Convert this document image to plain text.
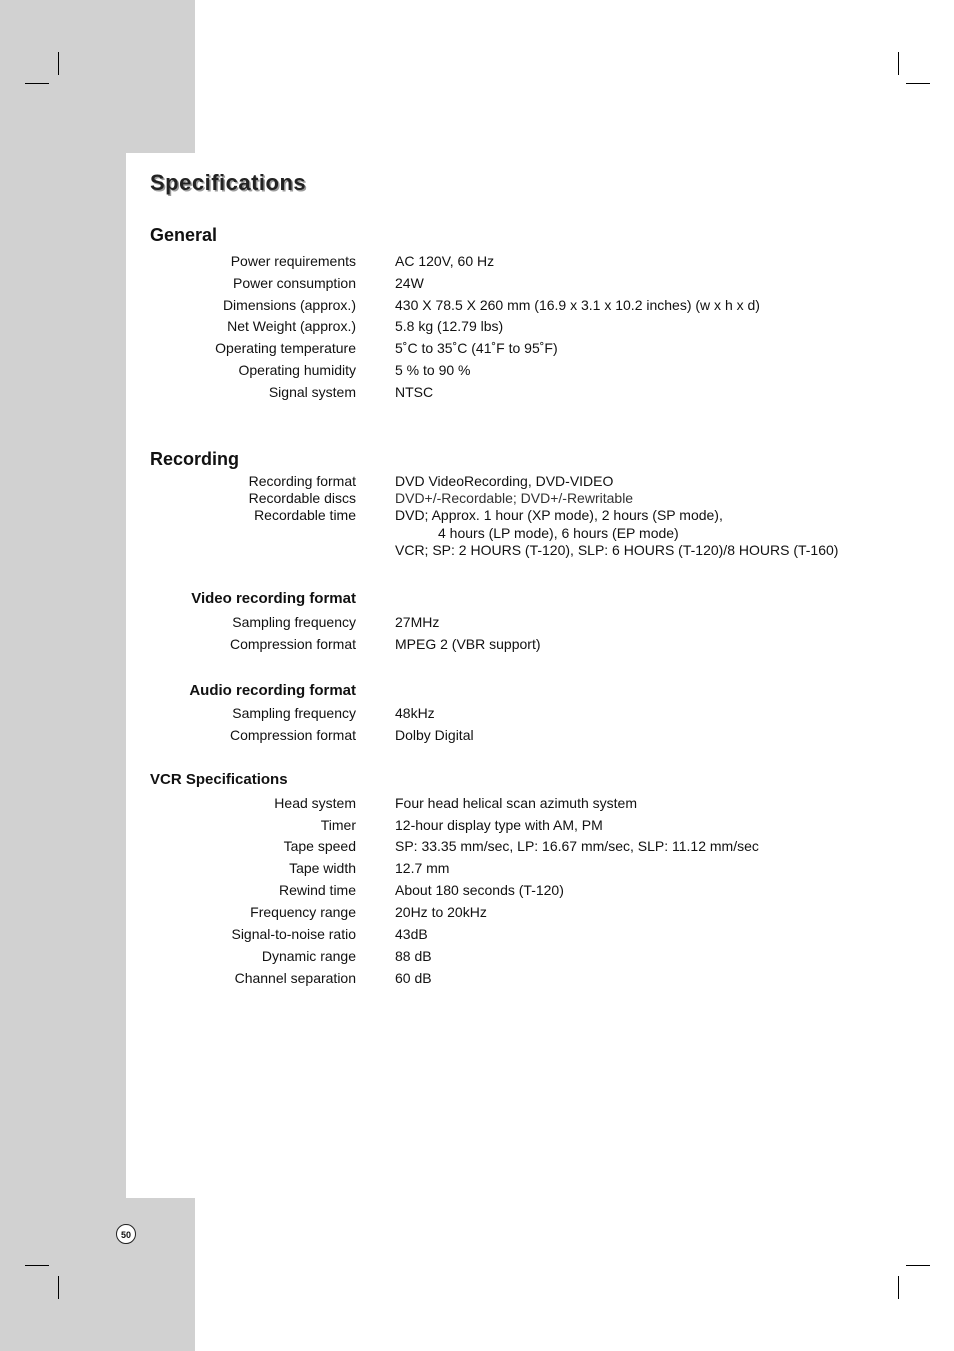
Specifications
General
Power requirements	AC 120V, 60 Hz
Power consumption	24W
Dimensions (approx.)	430 X 78.5 X 260 mm (16.9 x 3.1 x 10.2 inches) (w x h x d)
Net Weight (approx.)	5.8 kg (12.79 lbs)
Operating temperature	5˚C to 35˚C (41˚F to 95˚F)
Operating humidity	5 % to 90 %
Signal system	NTSC
Recording
Recording format	DVD VideoRecording, DVD-VIDEO
Recordable discs	DVD+/-Recordable; DVD+/-Rewritable
Recordable time	DVD; Approx. 1 hour (XP mode), 2 hours (SP mode),
4 hours (LP mode), 6 hours (EP mode)
VCR; SP: 2 HOURS (T-120), SLP: 6 HOURS (T-120)/8 HOURS (T-160)
Video recording format
Sampling frequency	27MHz
Compression format	MPEG 2 (VBR support)
Audio recording format
Sampling frequency	48kHz
Compression format	Dolby Digital
VCR Specifications
Head system	Four head helical scan azimuth system
Timer	12-hour display type with AM, PM
Tape speed	SP: 33.35 mm/sec, LP: 16.67 mm/sec, SLP: 11.12 mm/sec
Tape width	12.7 mm
Rewind time	About 180 seconds (T-120)
Frequency range	20Hz to 20kHz
Signal-to-noise ratio	43dB
Dynamic range	88 dB
Channel separation	60 dB
50
